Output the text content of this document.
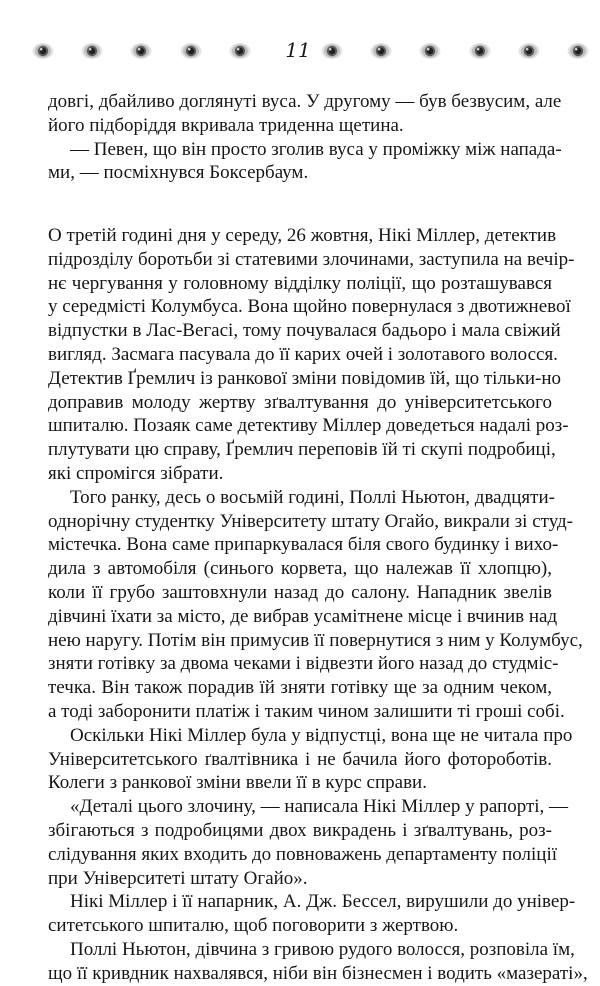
11
довгі, дбайливо доглянуті вуса. У другому — був безвусим, але
його підборіддя вкривала триденна щетина.
— Певен, що він просто зголив вуса у проміжку між напада-
ми, — посміхнувся Боксербаум.
О третій годині дня у середу, 26 жовтня, Нікі Міллер, детектив
підрозділу боротьби зі статевими злочинами, заступила на вечір-
нє чергування у головному відділку поліції, що розташувався
у середмісті Колумбуса. Вона щойно повернулася з двотижневої
відпустки в Лас-Вегасі, тому почувалася бадьоро і мала свіжий
вигляд. Засмага пасувала до її карих очей і золотавого волосся.
Детектив Ґремлич із ранкової зміни повідомив їй, що тільки-но
доправив молоду жертву зґвалтування до університетського
шпиталю. Позаяк саме детективу Міллер доведеться надалі роз-
плутувати цю справу, Ґремлич переповів їй ті скупі подробиці,
які спромігся зібрати.
Того ранку, десь о восьмій годині, Поллі Ньютон, двадцяти-
однорічну студентку Університету штату Огайо, викрали зі студ-
містечка. Вона саме припаркувалася біля свого будинку і вихо-
дила з автомобіля (синього корвета, що належав її хлопцю),
коли її грубо заштовхнули назад до салону. Нападник звелів
дівчині їхати за місто, де вибрав усамітнене місце і вчинив над
нею наругу. Потім він примусив її повернутися з ним у Колумбус,
зняти готівку за двома чеками і відвезти його назад до студміс-
течка. Він також порадив їй зняти готівку ще за одним чеком,
а тоді заборонити платіж і таким чином залишити ті гроші собі.
Оскільки Нікі Міллер була у відпустці, вона ще не читала про
Університетського ґвалтівника і не бачила його фотороботів.
Колеги з ранкової зміни ввели її в курс справи.
«Деталі цього злочину, — написала Нікі Міллер у рапорті, —
збігаються з подробицями двох викрадень і зґвалтувань, роз-
слідування яких входить до повноважень департаменту поліції
при Університеті штату Огайо».
Нікі Міллер і її напарник, А. Дж. Бессел, вирушили до універ-
ситетського шпиталю, щоб поговорити з жертвою.
Поллі Ньютон, дівчина з гривою рудого волосся, розповіла їм,
що її кривдник нахвалявся, ніби він бізнесмен і водить «мазераті»,
